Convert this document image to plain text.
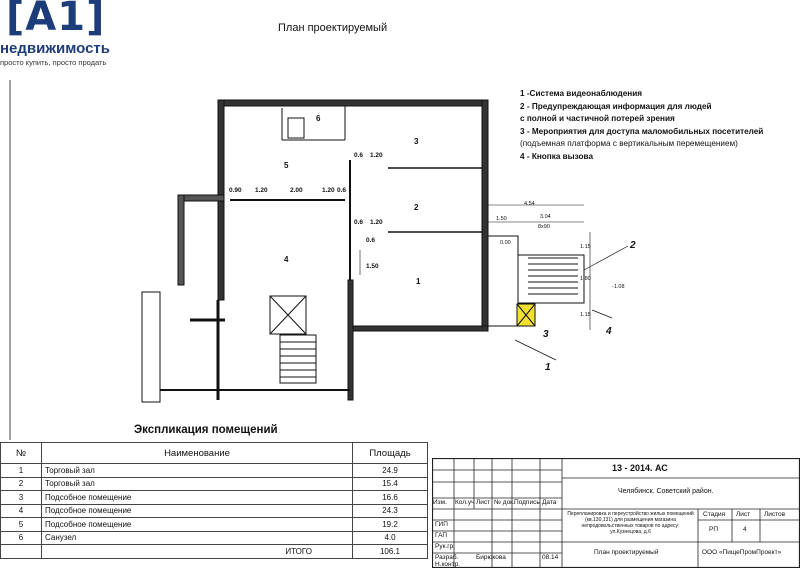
[A1]
недвижимость
просто купить, просто продать
План проектируемый
1
2
3
4
5
6
0.6 1.20
0.90 1.20	2.00	1.20 0.6
0.6 1.20
0.6
1.50
4.54
1.50	3.04
8x90
1.15
1.80
1.15
0.00
-1.08
2
3	4
1
1 -Система видеонаблюдения
2 - Предупреждающая информация для людей
с полной и частичной потерей зрения
3 - Мероприятия для доступа маломобильных посетителей
(подъемная платформа с вертикальным перемещением)
4 - Кнопка вызова
Экспликация помещений
№	Наименование	Площадь
1	Торговый зал	24.9
2	Торговый зал	15.4
3	Подсобное помещение	16.6
4	Подсобное помещение	24.3
5	Подсобное помещение	19.2
6	Санузел	4.0
	ИТОГО	106.1
13 - 2014. АС
Челябинск. Советский район.
Перепланировка и переустройство жилых помещений (кв.130,131) для размещения магазина непродовольственных товаров по адресу: ул.Кузнецова, д.6
Изм. Кол.уч Лист № док. Подпись Дата
ГИП
ГАП
Рук.гр.
Разраб.
Н.контр.
Бирюкова	08.14
План проектируемый
Стадия Лист Листов
РП	4
ООО «ПищеПромПроект»
